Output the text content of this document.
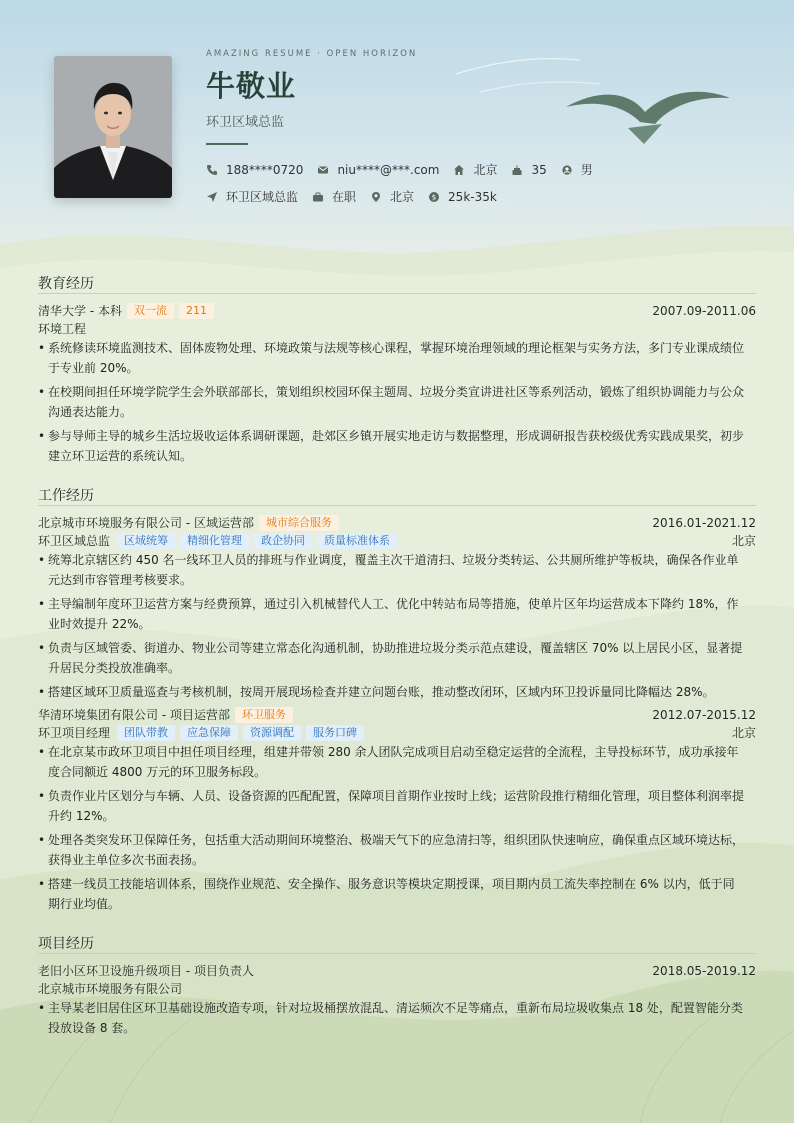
AMAZING RESUME · OPEN HORIZON
牛敬业
环卫区域总监
188****0720	niu****@***.com	北京	35	男
环卫区域总监	在职	北京	$ 25k-35k
教育经历
清华大学 - 本科	双一流	211	2007.09-2011.06
环境工程
• 系统修读环境监测技术、固体废物处理、环境政策与法规等核心课程，掌握环境治理领域的理论框架与实务方法，多门专业课成绩位于专业前 20%。
• 在校期间担任环境学院学生会外联部部长，策划组织校园环保主题周、垃圾分类宣讲进社区等系列活动，锻炼了组织协调能力与公众沟通表达能力。
• 参与导师主导的城乡生活垃圾收运体系调研课题，赴郊区乡镇开展实地走访与数据整理，形成调研报告获校级优秀实践成果奖，初步建立环卫运营的系统认知。
工作经历
北京城市环境服务有限公司 - 区域运营部	城市综合服务	2016.01-2021.12
环卫区域总监	区域统筹	精细化管理	政企协同	质量标准体系	北京
• 统筹北京辖区约 450 名一线环卫人员的排班与作业调度，覆盖主次干道清扫、垃圾分类转运、公共厕所维护等板块，确保各作业单元达到市容管理考核要求。
• 主导编制年度环卫运营方案与经费预算，通过引入机械替代人工、优化中转站布局等措施，使单片区年均运营成本下降约 18%，作业时效提升 22%。
• 负责与区域管委、街道办、物业公司等建立常态化沟通机制，协助推进垃圾分类示范点建设，覆盖辖区 70% 以上居民小区，显著提升居民分类投放准确率。
• 搭建区域环卫质量巡查与考核机制，按周开展现场检查并建立问题台账，推动整改闭环，区域内环卫投诉量同比降幅达 28%。
华清环境集团有限公司 - 项目运营部	环卫服务	2012.07-2015.12
环卫项目经理	团队带教	应急保障	资源调配	服务口碑	北京
• 在北京某市政环卫项目中担任项目经理，组建并带领 280 余人团队完成项目启动至稳定运营的全流程，主导投标环节，成功承接年度合同额近 4800 万元的环卫服务标段。
• 负责作业片区划分与车辆、人员、设备资源的匹配配置，保障项目首期作业按时上线；运营阶段推行精细化管理，项目整体利润率提升约 12%。
• 处理各类突发环卫保障任务，包括重大活动期间环境整治、极端天气下的应急清扫等，组织团队快速响应，确保重点区域环境达标，获得业主单位多次书面表扬。
• 搭建一线员工技能培训体系，围绕作业规范、安全操作、服务意识等模块定期授课，项目期内员工流失率控制在 6% 以内，低于同期行业均值。
项目经历
老旧小区环卫设施升级项目 - 项目负责人	2018.05-2019.12
北京城市环境服务有限公司
• 主导某老旧居住区环卫基础设施改造专项，针对垃圾桶摆放混乱、清运频次不足等痛点，重新布局垃圾收集点 18 处，配置智能分类投放设备 8 套。
